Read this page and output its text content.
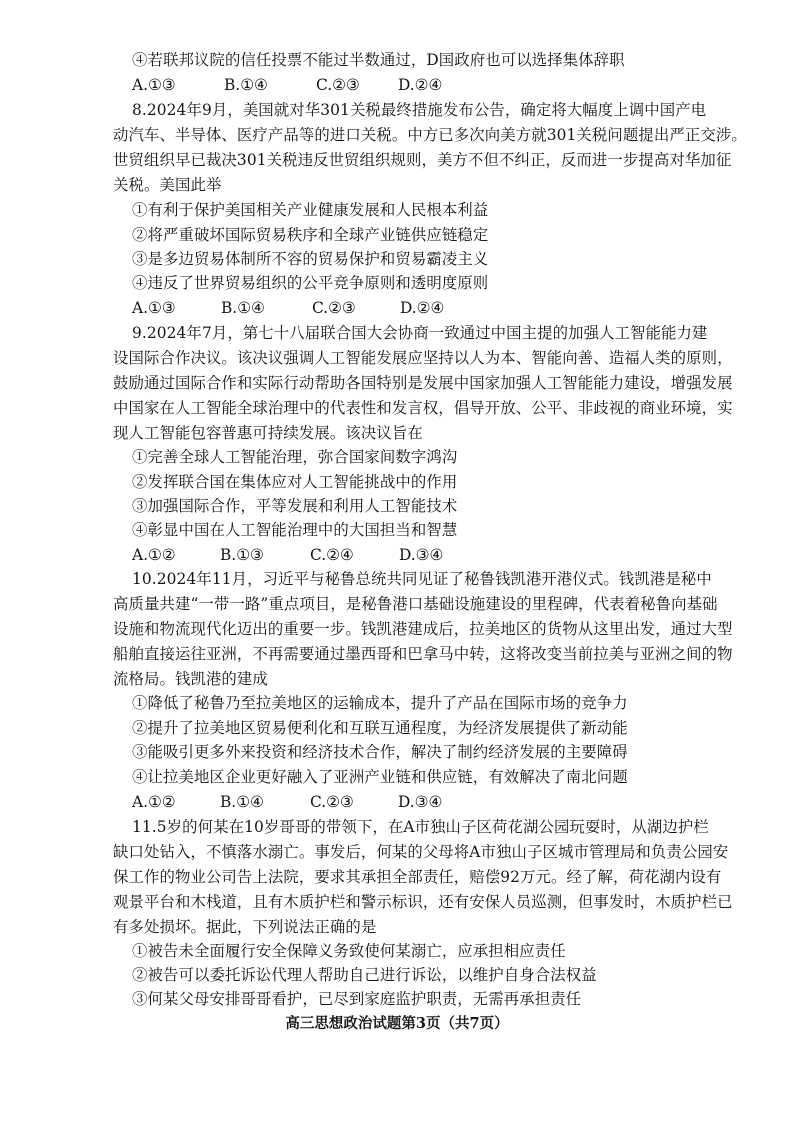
④若联邦议院的信任投票不能过半数通过，D国政府也可以选择集体辞职
A.①③	B.①④	C.②③ D.②④
8.2024年9月，美国就对华301关税最终措施发布公告，确定将大幅度上调中国产电
动汽车、半导体、医疗产品等的进口关税。中方已多次向美方就301关税问题提出严正交涉。
世贸组织早已裁决301关税违反世贸组织规则，美方不但不纠正，反而进一步提高对华加征
关税。美国此举
①有利于保护美国相关产业健康发展和人民根本利益
②将严重破坏国际贸易秩序和全球产业链供应链稳定
③是多边贸易体制所不容的贸易保护和贸易霸凌主义
④违反了世界贸易组织的公平竞争原则和透明度原则
A.①③	B.①④	C.②③	D.②④
9.2024年7月，第七十八届联合国大会协商一致通过中国主提的加强人工智能能力建
设国际合作决议。该决议强调人工智能发展应坚持以人为本、智能向善、造福人类的原则，
鼓励通过国际合作和实际行动帮助各国特别是发展中国家加强人工智能能力建设，增强发展
中国家在人工智能全球治理中的代表性和发言权，倡导开放、公平、非歧视的商业环境，实
现人工智能包容普惠可持续发展。该决议旨在
①完善全球人工智能治理，弥合国家间数字鸿沟
②发挥联合国在集体应对人工智能挑战中的作用
③加强国际合作，平等发展和利用人工智能技术
④彰显中国在人工智能治理中的大国担当和智慧
A.①②	B.①③	C.②④	D.③④
10.2024年11月，习近平与秘鲁总统共同见证了秘鲁钱凯港开港仪式。钱凯港是秘中
高质量共建“一带一路”重点项目，是秘鲁港口基础设施建设的里程碑，代表着秘鲁向基础
设施和物流现代化迈出的重要一步。钱凯港建成后，拉美地区的货物从这里出发，通过大型
船舶直接运往亚洲，不再需要通过墨西哥和巴拿马中转，这将改变当前拉美与亚洲之间的物
流格局。钱凯港的建成
①降低了秘鲁乃至拉美地区的运输成本，提升了产品在国际市场的竞争力
②提升了拉美地区贸易便利化和互联互通程度，为经济发展提供了新动能
③能吸引更多外来投资和经济技术合作，解决了制约经济发展的主要障碍
④让拉美地区企业更好融入了亚洲产业链和供应链，有效解决了南北问题
A.①②	B.①④	C.②③	D.③④
11.5岁的何某在10岁哥哥的带领下，在A市独山子区荷花湖公园玩耍时，从湖边护栏
缺口处钻入，不慎落水溺亡。事发后，何某的父母将A市独山子区城市管理局和负责公园安
保工作的物业公司告上法院，要求其承担全部责任，赔偿92万元。经了解，荷花湖内设有
观景平台和木栈道，且有木质护栏和警示标识，还有安保人员巡测，但事发时，木质护栏已
有多处损坏。据此，下列说法正确的是
①被告未全面履行安全保障义务致使何某溺亡，应承担相应责任
②被告可以委托诉讼代理人帮助自己进行诉讼，以维护自身合法权益
③何某父母安排哥哥看护，已尽到家庭监护职责，无需再承担责任
高三思想政治试题第3页（共7页）
